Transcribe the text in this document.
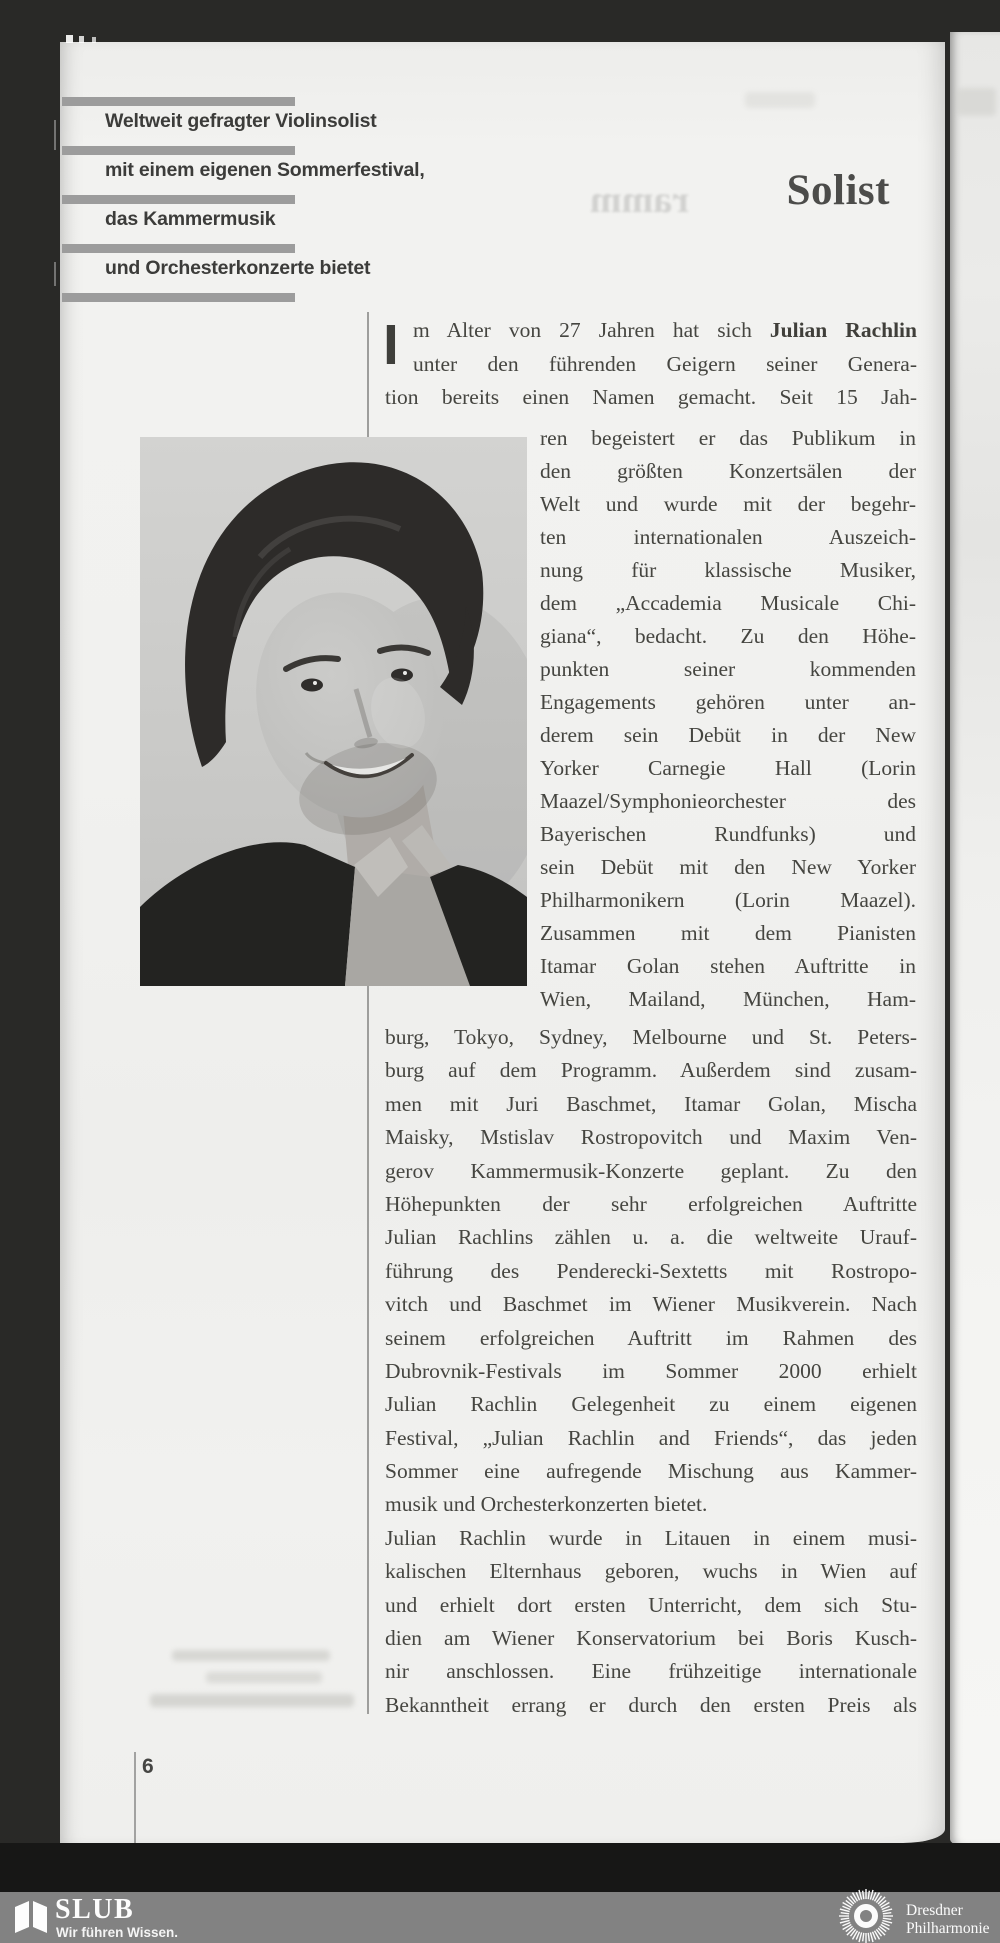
Weltweit gefragter Violinsolist
mit einem eigenen Sommerfestival,
das Kammermusik
und Orchesterkonzerte bietet
ramm	Solist
I m Alter von 27 Jahren hat sich Julian Rachlin
unter den führenden Geigern seiner Genera-
tion bereits einen Namen gemacht. Seit 15 Jah-
ren begeistert er das Publikum in
den größten Konzertsälen der
Welt und wurde mit der begehr-
ten internationalen Auszeich-
nung für klassische Musiker,
dem „Accademia Musicale Chi-
giana“, bedacht. Zu den Höhe-
punkten seiner kommenden
Engagements gehören unter an-
derem sein Debüt in der New
Yorker Carnegie Hall (Lorin
Maazel/Symphonieorchester des
Bayerischen Rundfunks) und
sein Debüt mit den New Yorker
Philharmonikern (Lorin Maazel).
Zusammen mit dem Pianisten
Itamar Golan stehen Auftritte in
Wien, Mailand, München, Ham-
burg, Tokyo, Sydney, Melbourne und St. Peters-
burg auf dem Programm. Außerdem sind zusam-
men mit Juri Baschmet, Itamar Golan, Mischa
Maisky, Mstislav Rostropovitch und Maxim Ven-
gerov Kammermusik-Konzerte geplant. Zu den
Höhepunkten der sehr erfolgreichen Auftritte
Julian Rachlins zählen u. a. die weltweite Urauf-
führung des Penderecki-Sextetts mit Rostropo-
vitch und Baschmet im Wiener Musikverein. Nach
seinem erfolgreichen Auftritt im Rahmen des
Dubrovnik-Festivals im Sommer 2000 erhielt
Julian Rachlin Gelegenheit zu einem eigenen
Festival, „Julian Rachlin and Friends“, das jeden
Sommer eine aufregende Mischung aus Kammer-
musik und Orchesterkonzerten bietet.
Julian Rachlin wurde in Litauen in einem musi-
kalischen Elternhaus geboren, wuchs in Wien auf
und erhielt dort ersten Unterricht, dem sich Stu-
dien am Wiener Konservatorium bei Boris Kusch-
nir anschlossen. Eine frühzeitige internationale
Bekanntheit errang er durch den ersten Preis als
6
SLUB
Wir führen Wissen.
Dresdner
Philharmonie
